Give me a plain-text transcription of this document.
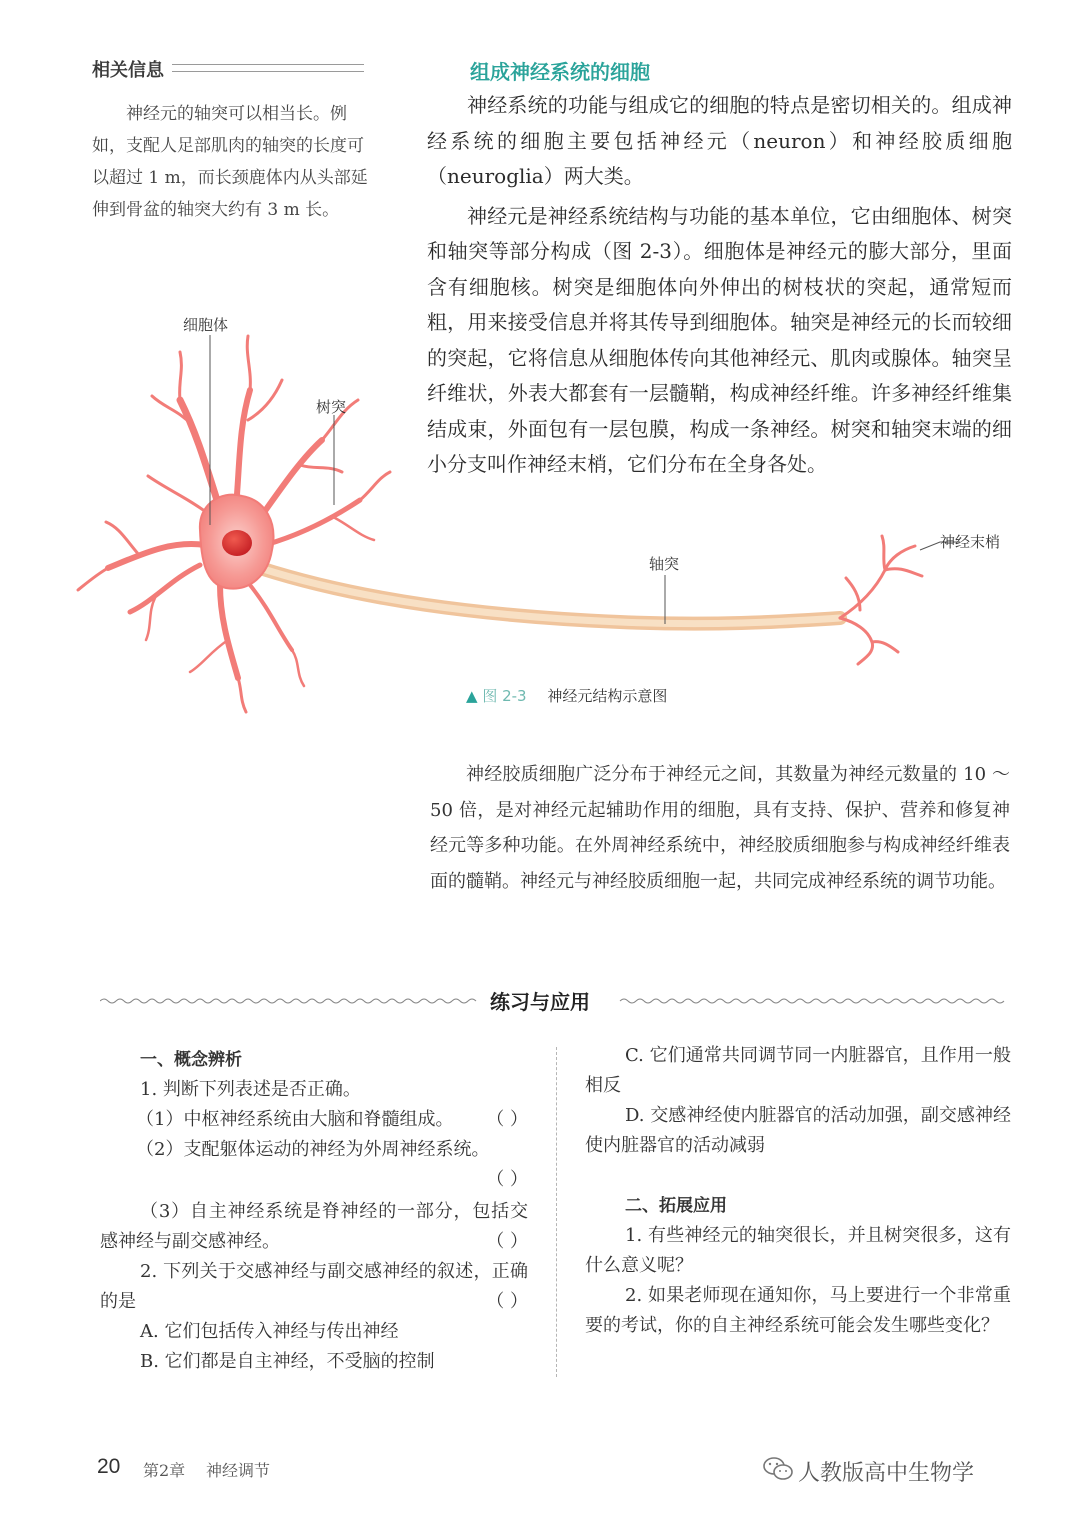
相关信息

神经元的轴突可以相当长。例如，支配人足部肌肉的轴突的长度可以超过 1 m，而长颈鹿体内从头部延伸到骨盆的轴突大约有 3 m 长。

组成神经系统的细胞

神经系统的功能与组成它的细胞的特点是密切相关的。组成神经系统的细胞主要包括神经元（neuron）和神经胶质细胞（neuroglia）两大类。

神经元是神经系统结构与功能的基本单位，它由细胞体、树突和轴突等部分构成（图 2-3）。细胞体是神经元的膨大部分，里面含有细胞核。树突是细胞体向外伸出的树枝状的突起，通常短而粗，用来接受信息并将其传导到细胞体。轴突是神经元的长而较细的突起，它将信息从细胞体传向其他神经元、肌肉或腺体。轴突呈纤维状，外表大都套有一层髓鞘，构成神经纤维。许多神经纤维集结成束，外面包有一层包膜，构成一条神经。树突和轴突末端的细小分支叫作神经末梢，它们分布在全身各处。

细胞体
树突
轴突
神经末梢
▲ 图 2-3 神经元结构示意图

神经胶质细胞广泛分布于神经元之间，其数量为神经元数量的 10 ～ 50 倍，是对神经元起辅助作用的细胞，具有支持、保护、营养和修复神经元等多种功能。在外周神经系统中，神经胶质细胞参与构成神经纤维表面的髓鞘。神经元与神经胶质细胞一起，共同完成神经系统的调节功能。

练习与应用

一、概念辨析

1. 判断下列表述是否正确。

（ ）
（1）中枢神经系统由大脑和脊髓组成。

（2）支配躯体运动的神经为外周神经系统。

（ ）

（3）自主神经系统是脊神经的一部分，包括交感神经与副交感神经。	（ ）

2. 下列关于交感神经与副交感神经的叙述，正确的是	（ ）

A. 它们包括传入神经与传出神经

B. 它们都是自主神经，不受脑的控制

C. 它们通常共同调节同一内脏器官，且作用一般相反

D. 交感神经使内脏器官的活动加强，副交感神经使内脏器官的活动减弱

二、拓展应用

1. 有些神经元的轴突很长，并且树突很多，这有什么意义呢？

2. 如果老师现在通知你，马上要进行一个非常重要的考试，你的自主神经系统可能会发生哪些变化？

20 第2章 神经调节	人教版高中生物学
